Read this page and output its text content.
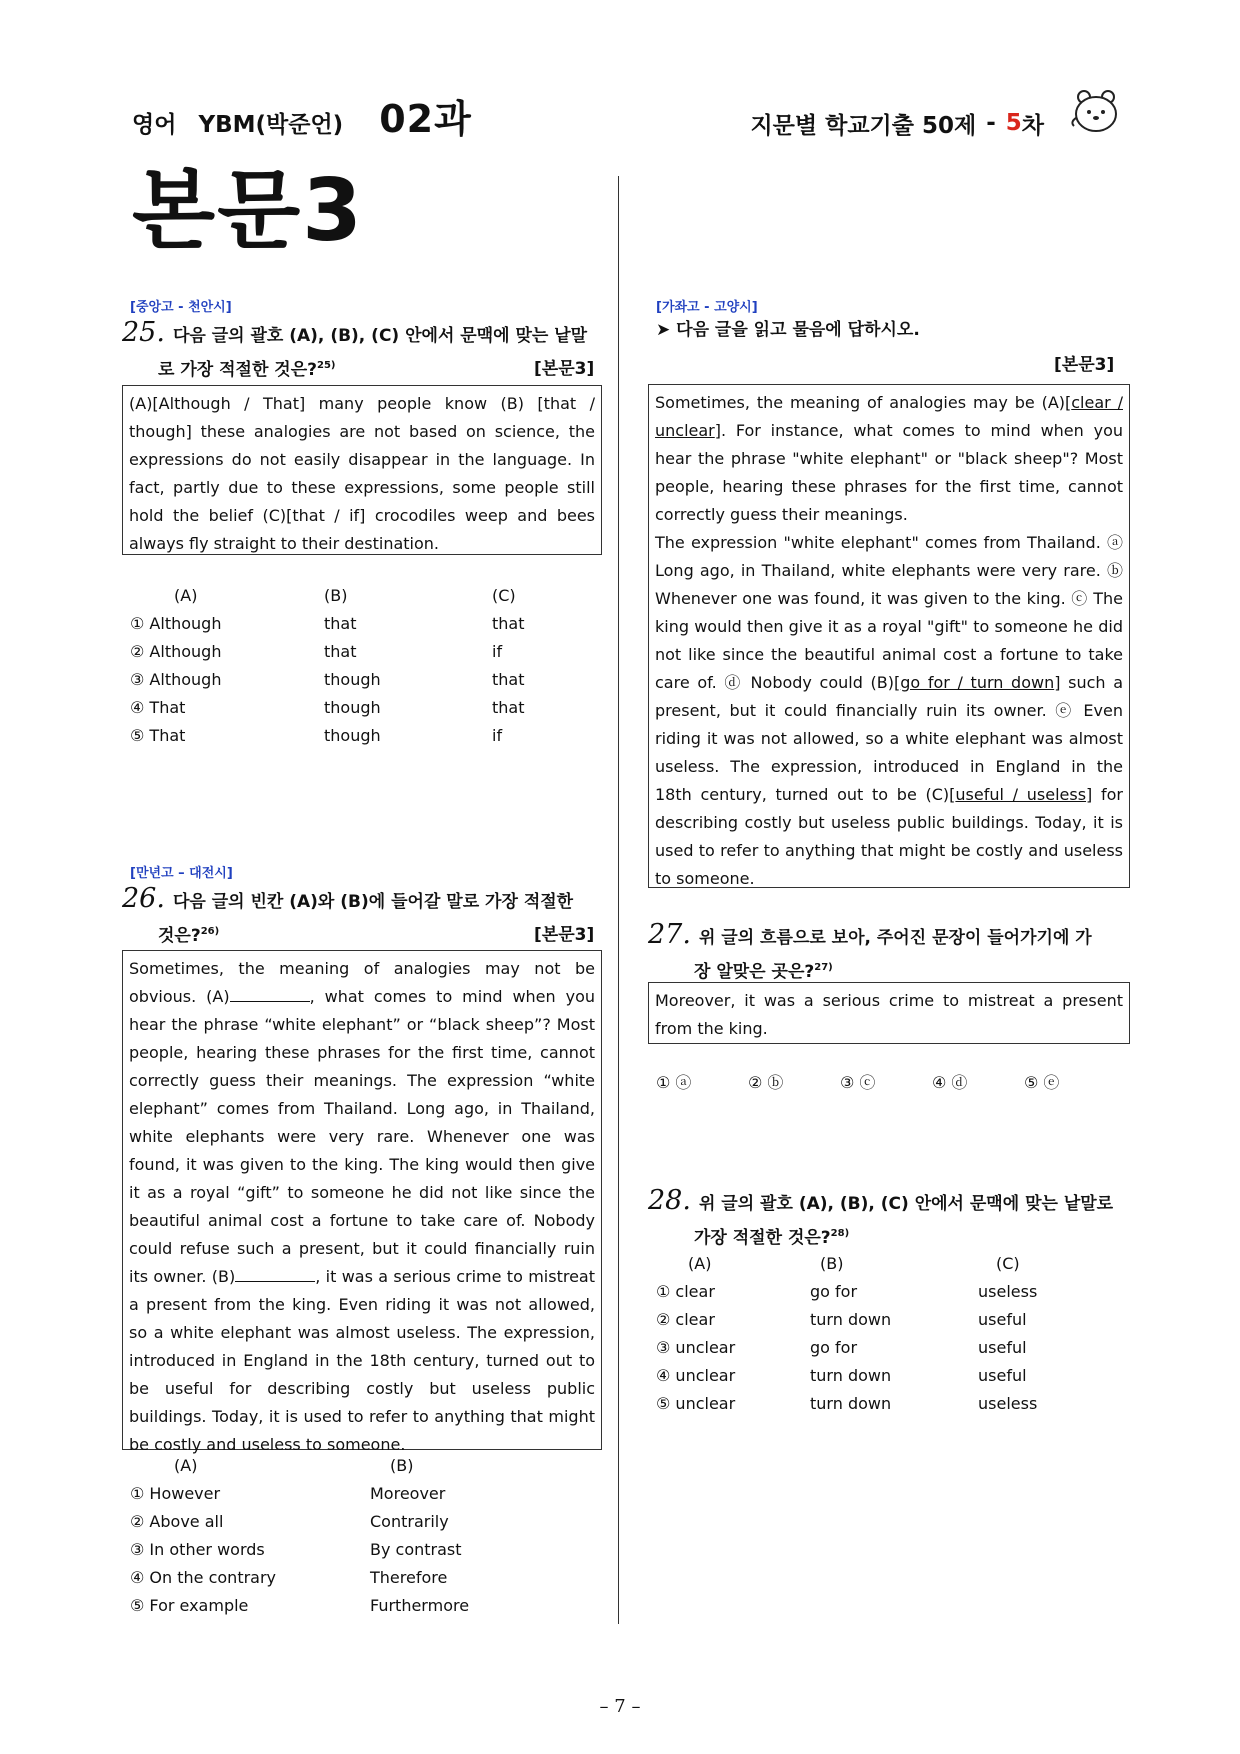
영어 YBM(박준언) 02과	지문별 학교기출 50제 - 5 차
본문3
[중앙고 - 천안시]
25. 다음 글의 괄호 (A), (B), (C) 안에서 문맥에 맞는 낱말
로 가장 적절한 것은?$^{25)}$	[본문3]
(A)[Although / That] many people know (B) [that / though] these analogies are not based on science, the expressions do not easily disappear in the language. In fact, partly due to these expressions, some people still hold the belief (C)[that / if] crocodiles weep and bees always fly straight to their destination.
(A)	(B)	(C)
① Although	that	that
② Although	that	if
③ Although	though	that
④ That	though	that
⑤ That	though	if
[만년고 – 대전시]
26. 다음 글의 빈칸 (A)와 (B)에 들어갈 말로 가장 적절한
것은?$^{26)}$	[본문3]
Sometimes, the meaning of analogies may not be obvious. (A)	, what comes to mind when you hear the phrase “white elephant” or “black sheep”? Most people, hearing these phrases for the first time, cannot correctly guess their meanings. The expression “white elephant” comes from Thailand. Long ago, in Thailand, white elephants were very rare. Whenever one was found, it was given to the king. The king would then give it as a royal “gift” to someone he did not like since the beautiful animal cost a fortune to take care of. Nobody could refuse such a present, but it could financially ruin its owner. (B)	, it was a serious crime to mistreat a present from the king. Even riding it was not allowed, so a white elephant was almost useless. The expression, introduced in England in the 18th century, turned out to be useful for describing costly but useless public buildings. Today, it is used to refer to anything that might be costly and useless to someone.
(A)	(B)
① However	Moreover
② Above all	Contrarily
③ In other words	By contrast
④ On the contrary	Therefore
⑤ For example	Furthermore
[가좌고 - 고양시]
➤ 다음 글을 읽고 물음에 답하시오.
[본문3]
Sometimes, the meaning of analogies may be (A)[clear / unclear]. For instance, what comes to mind when you hear the phrase "white elephant" or "black sheep"? Most people, hearing these phrases for the first time, cannot correctly guess their meanings.
The expression "white elephant" comes from Thailand. ⓐ Long ago, in Thailand, white elephants were very rare. ⓑ Whenever one was found, it was given to the king. ⓒ The king would then give it as a royal "gift" to someone he did not like since the beautiful animal cost a fortune to take care of. ⓓ Nobody could (B)[go for / turn down] such a present, but it could financially ruin its owner. ⓔ Even riding it was not allowed, so a white elephant was almost useless. The expression, introduced in England in the 18th century, turned out to be (C)[useful / useless] for describing costly but useless public buildings. Today, it is used to refer to anything that might be costly and useless to someone.
27. 위 글의 흐름으로 보아, 주어진 문장이 들어가기에 가
장 알맞은 곳은?$^{27)}$
Moreover, it was a serious crime to mistreat a present from the king.
① ⓐ	② ⓑ	③ ⓒ	④ ⓓ	⑤ ⓔ
28. 위 글의 괄호 (A), (B), (C) 안에서 문맥에 맞는 낱말로
가장 적절한 것은?$^{28)}$
(A)	(B)	(C)
① clear	go for	useless
② clear	turn down	useful
③ unclear	go for	useful
④ unclear	turn down	useful
⑤ unclear	turn down	useless
– 7 –
